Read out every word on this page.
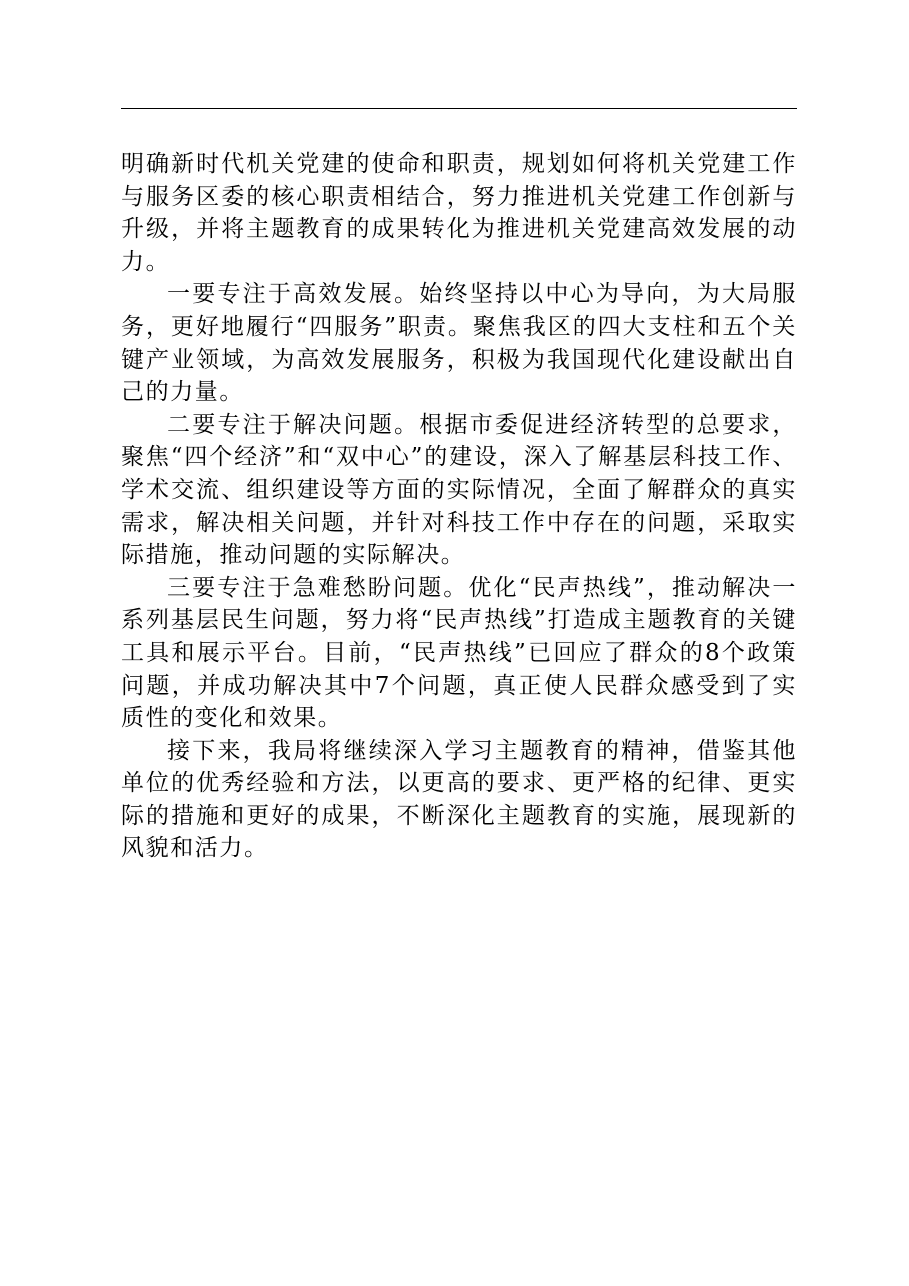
明确新时代机关党建的使命和职责，规划如何将机关党建工作与服务区委的核心职责相结合，努力推进机关党建工作创新与升级，并将主题教育的成果转化为推进机关党建高效发展的动力。

一要专注于高效发展。始终坚持以中心为导向，为大局服务，更好地履行“四服务”职责。聚焦我区的四大支柱和五个关键产业领域，为高效发展服务，积极为我国现代化建设献出自己的力量。

二要专注于解决问题。根据市委促进经济转型的总要求，聚焦“四个经济”和“双中心”的建设，深入了解基层科技工作、学术交流、组织建设等方面的实际情况，全面了解群众的真实需求，解决相关问题，并针对科技工作中存在的问题，采取实际措施，推动问题的实际解决。

三要专注于急难愁盼问题。优化“民声热线”，推动解决一系列基层民生问题，努力将“民声热线”打造成主题教育的关键工具和展示平台。目前，“民声热线”已回应了群众的8个政策问题，并成功解决其中7个问题，真正使人民群众感受到了实质性的变化和效果。

接下来，我局将继续深入学习主题教育的精神，借鉴其他单位的优秀经验和方法，以更高的要求、更严格的纪律、更实际的措施和更好的成果，不断深化主题教育的实施，展现新的风貌和活力。
